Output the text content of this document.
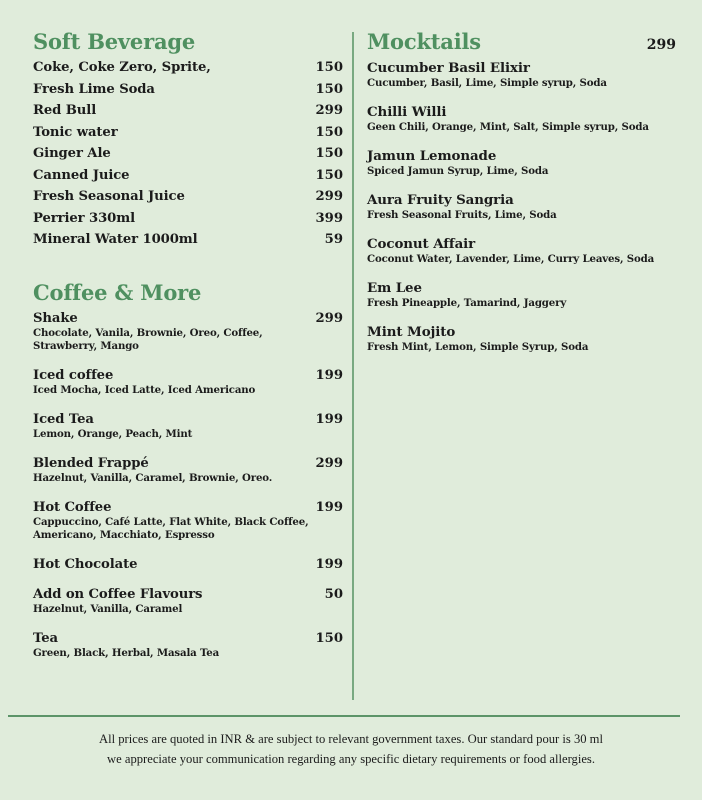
Soft Beverage
Coke, Coke Zero, Sprite,	150
Fresh Lime Soda	150
Red Bull	299
Tonic water	150
Ginger Ale	150
Canned Juice	150
Fresh Seasonal Juice	299
Perrier 330ml	399
Mineral Water 1000ml	59
Coffee & More
Shake	299
Chocolate, Vanila, Brownie, Oreo, Coffee, Strawberry, Mango
Iced coffee	199
Iced Mocha, Iced Latte, Iced Americano
Iced Tea	199
Lemon, Orange, Peach, Mint
Blended Frappé	299
Hazelnut, Vanilla, Caramel, Brownie, Oreo.
Hot Coffee	199
Cappuccino, Café Latte, Flat White, Black Coffee, Americano, Macchiato, Espresso
Hot Chocolate	199
Add on Coffee Flavours	50
Hazelnut, Vanilla, Caramel
Tea	150
Green, Black, Herbal, Masala Tea
Mocktails	299
Cucumber Basil Elixir
Cucumber, Basil, Lime, Simple syrup, Soda
Chilli Willi
Geen Chili, Orange, Mint, Salt, Simple syrup, Soda
Jamun Lemonade
Spiced Jamun Syrup, Lime, Soda
Aura Fruity Sangria
Fresh Seasonal Fruits, Lime, Soda
Coconut Affair
Coconut Water, Lavender, Lime, Curry Leaves, Soda
Em Lee
Fresh Pineapple, Tamarind, Jaggery
Mint Mojito
Fresh Mint, Lemon, Simple Syrup, Soda
All prices are quoted in INR & are subject to relevant government taxes. Our standard pour is 30 ml
we appreciate your communication regarding any specific dietary requirements or food allergies.
